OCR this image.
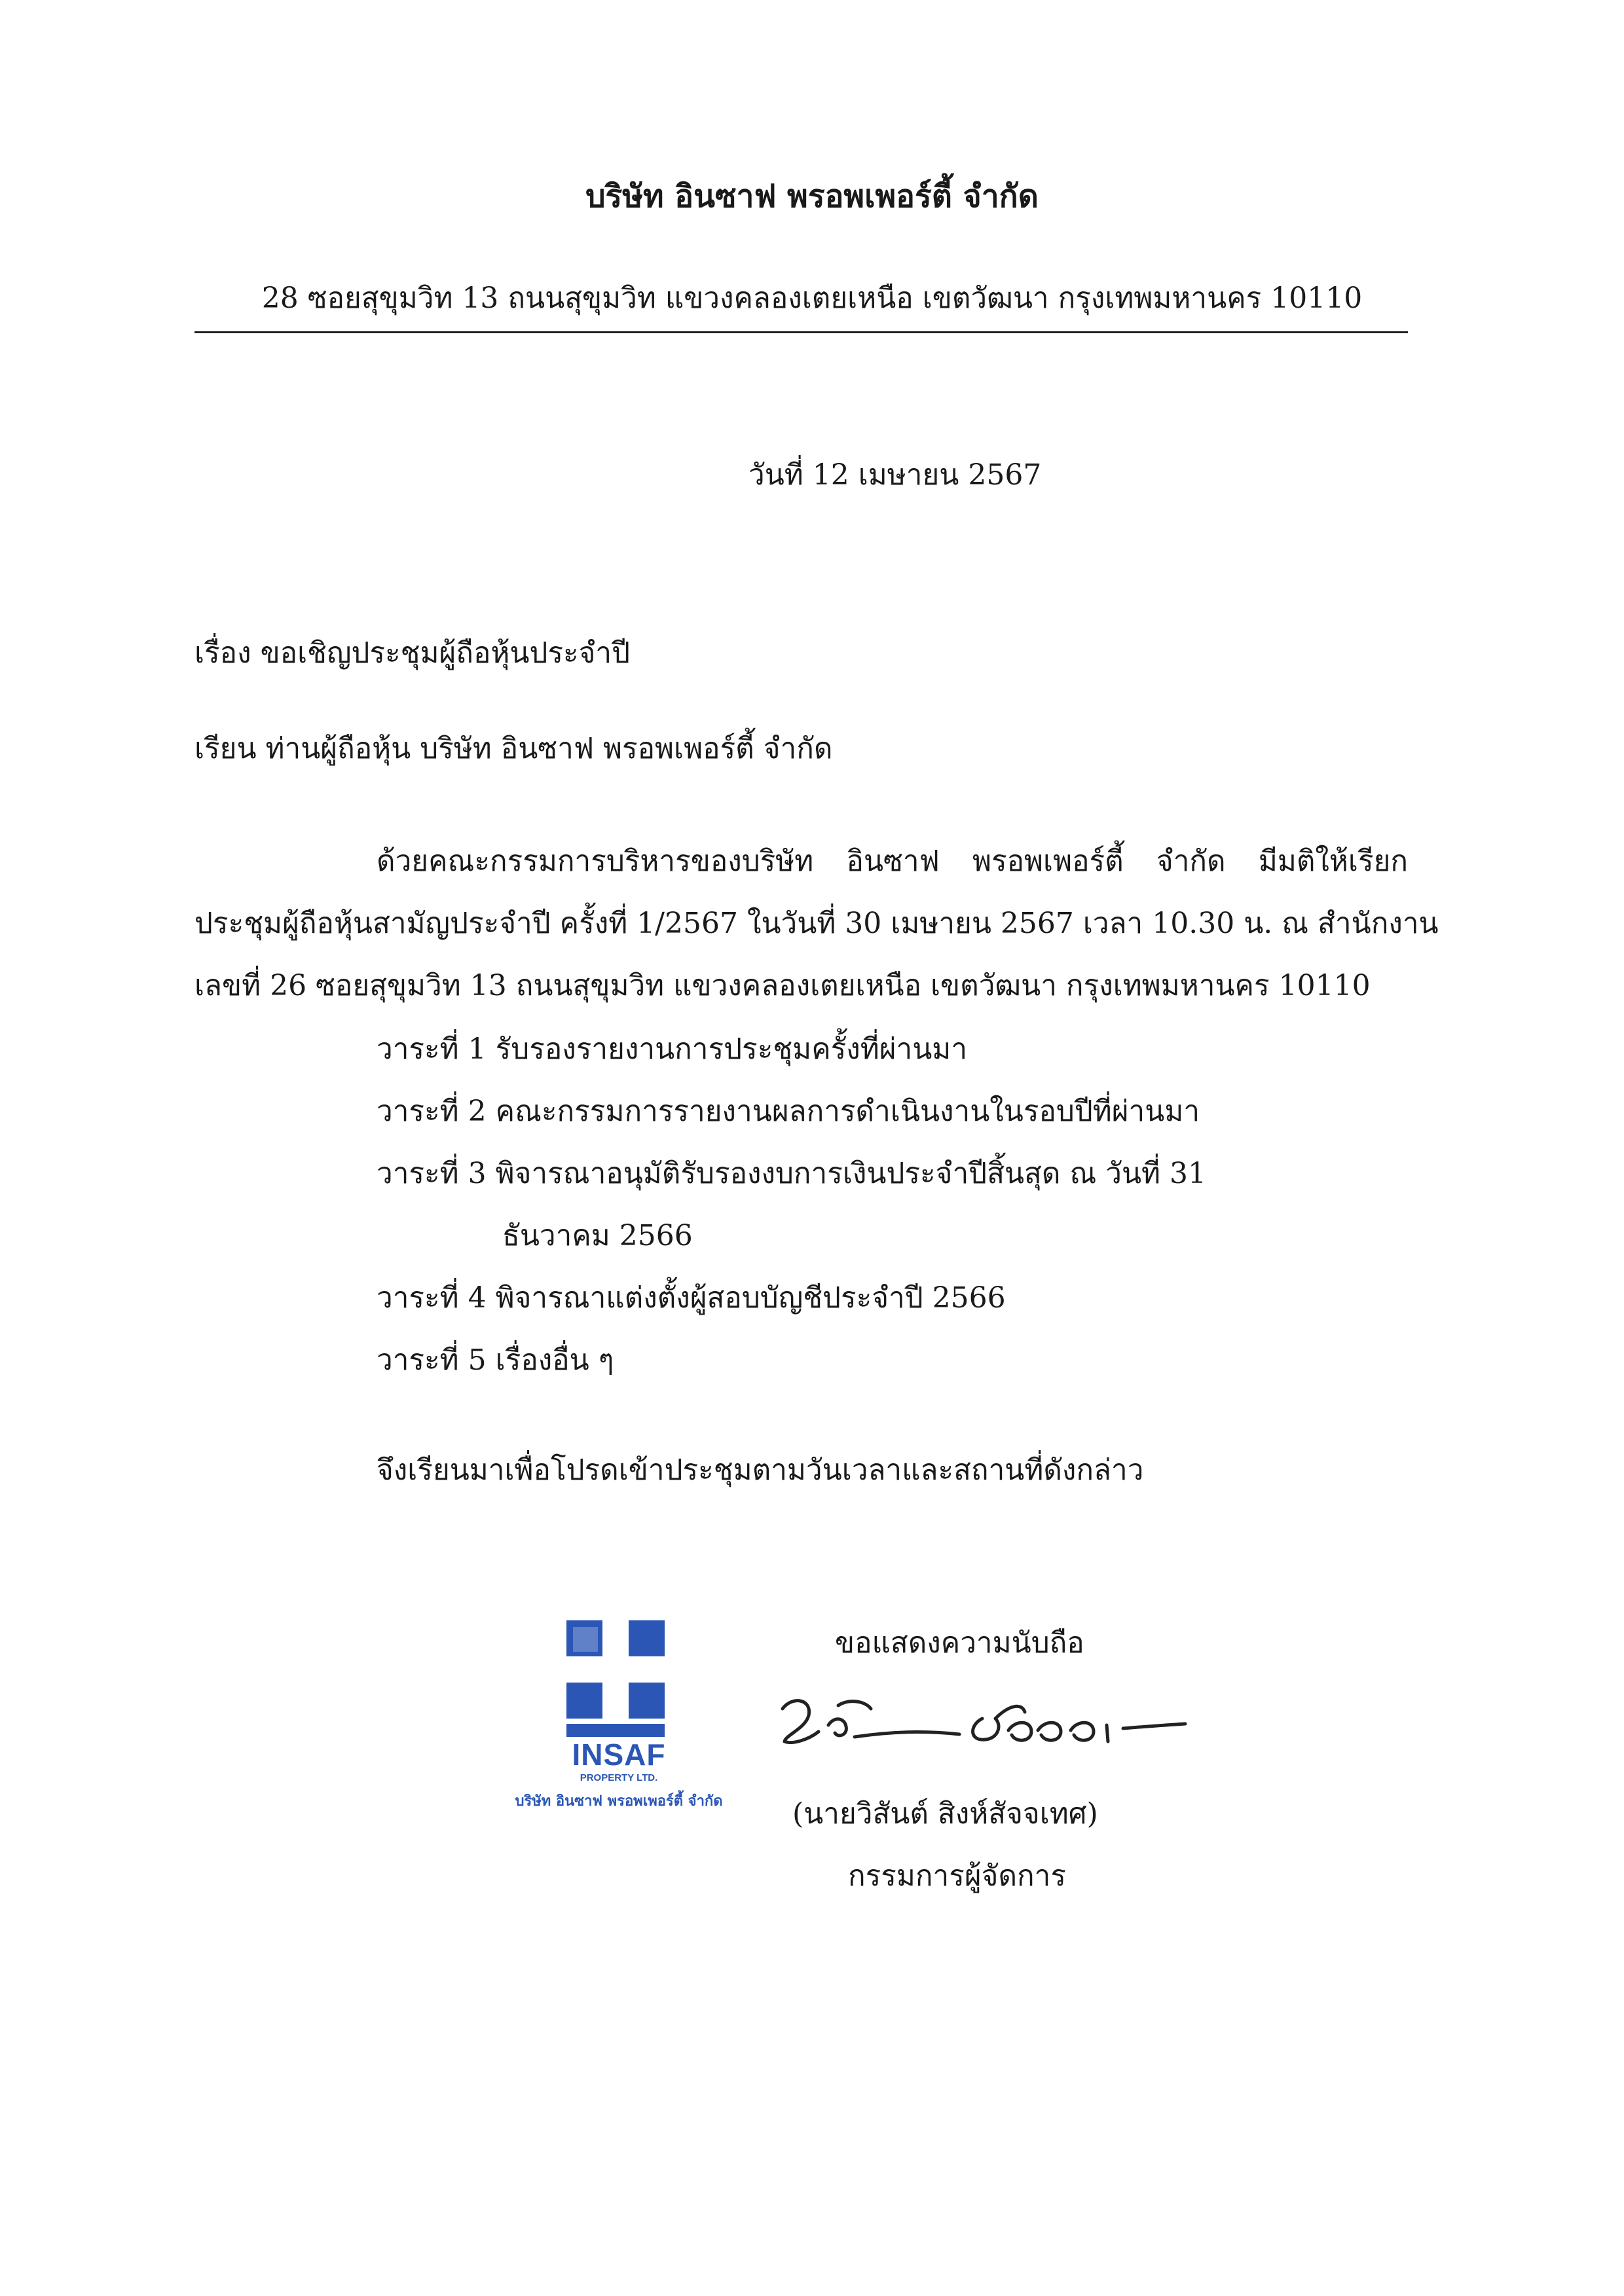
บริษัท อินซาฟ พรอพเพอร์ตี้ จำกัด
28 ซอยสุขุมวิท 13 ถนนสุขุมวิท แขวงคลองเตยเหนือ เขตวัฒนา กรุงเทพมหานคร 10110
วันที่ 12 เมษายน 2567
เรื่อง ขอเชิญประชุมผู้ถือหุ้นประจำปี
เรียน ท่านผู้ถือหุ้น บริษัท อินซาฟ พรอพเพอร์ตี้ จำกัด
ด้วยคณะกรรมการบริหารของบริษัท อินซาฟ พรอพเพอร์ตี้ จำกัด มีมติให้เรียก
ประชุมผู้ถือหุ้นสามัญประจำปี ครั้งที่ 1/2567 ในวันที่ 30 เมษายน 2567 เวลา 10.30 น. ณ สำนักงาน
เลขที่ 26 ซอยสุขุมวิท 13 ถนนสุขุมวิท แขวงคลองเตยเหนือ เขตวัฒนา กรุงเทพมหานคร 10110
วาระที่ 1 รับรองรายงานการประชุมครั้งที่ผ่านมา
วาระที่ 2 คณะกรรมการรายงานผลการดำเนินงานในรอบปีที่ผ่านมา
วาระที่ 3 พิจารณาอนุมัติรับรองงบการเงินประจำปีสิ้นสุด ณ วันที่ 31
ธันวาคม 2566
วาระที่ 4 พิจารณาแต่งตั้งผู้สอบบัญชีประจำปี 2566
วาระที่ 5 เรื่องอื่น ๆ
จึงเรียนมาเพื่อโปรดเข้าประชุมตามวันเวลาและสถานที่ดังกล่าว
INSAF
PROPERTY LTD.
บริษัท อินซาฟ พรอพเพอร์ตี้ จำกัด
ขอแสดงความนับถือ
(นายวิสันต์ สิงห์สัจจเทศ)
กรรมการผู้จัดการ
